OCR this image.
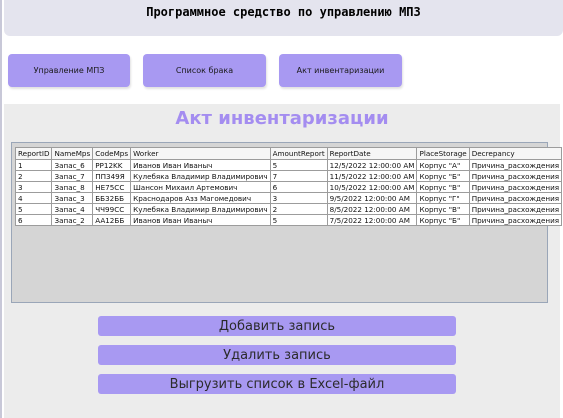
Программное средство по управлению МПЗ
Управление МПЗ	Список брака	Акт инвентаризации
Акт инвентаризации
ReportID	NameMps	CodeMps	Worker	AmountReport	ReportDate	PlaceStorage	Decrepancy
1	Запас_6	PP12KK	Иванов Иван Иваныч	5	12/5/2022 12:00:00 AM	Корпус "А"	Причина_расхождения
2	Запас_7	ПП349Я	Кулебяка Владимир Владимирович	7	11/5/2022 12:00:00 AM	Корпус "Б"	Причина_расхождения
3	Запас_8	HE75CC	Шансон Михаил Артемович	6	10/5/2022 12:00:00 AM	Корпус "В"	Причина_расхождения
4	Запас_3	ББ32ББ	Краснодаров Азз Магомедович	3	9/5/2022 12:00:00 AM	Корпус "Г"	Причина_расхождения
5	Запас_4	ЧЧ99СС	Кулебяка Владимир Владимирович	2	8/5/2022 12:00:00 AM	Корпус "В"	Причина_расхождения
6	Запас_2	AA12ББ	Иванов Иван Иваныч	5	7/5/2022 12:00:00 AM	Корпус "Б"	Причина_расхождения
Добавить запись
Удалить запись
Выгрузить список в Excel-файл
